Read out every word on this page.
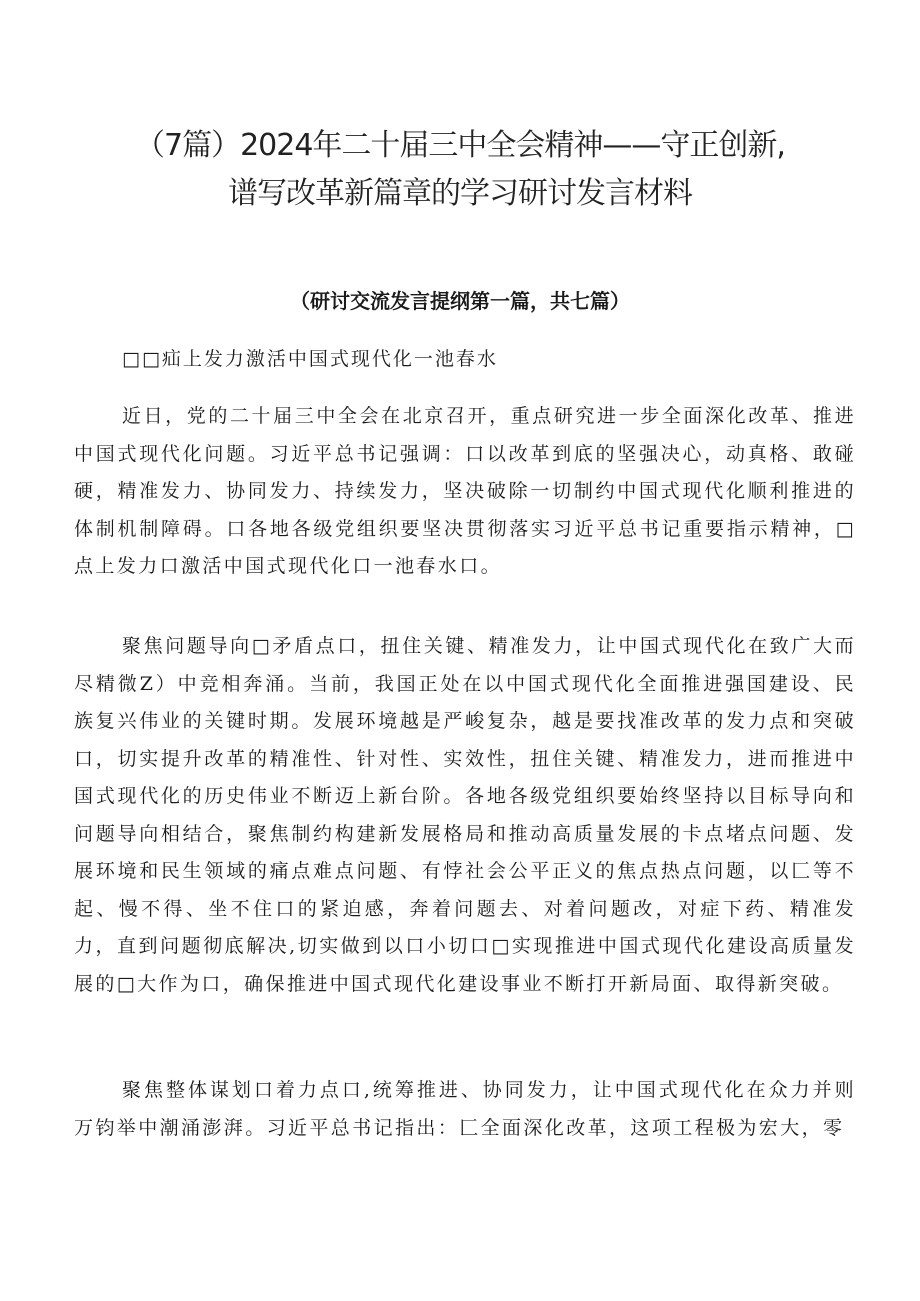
（7篇）2024年二十届三中全会精神——守正创新,
谱写改革新篇章的学习研讨发言材料
（研讨交流发言提纲第一篇，共七篇）
□□疝上发力激活中国式现代化一池春水

近日，党的二十届三中全会在北京召开，重点研究进一步全面深化改革、推进中国式现代化问题。习近平总书记强调：口以改革到底的坚强决心，动真格、敢碰硬，精准发力、协同发力、持续发力，坚决破除一切制约中国式现代化顺利推进的体制机制障碍。口各地各级党组织要坚决贯彻落实习近平总书记重要指示精神，□点上发力口激活中国式现代化口一池春水口。

聚焦问题导向□矛盾点口，扭住关键、精准发力，让中国式现代化在致广大而尽精微Z）中竞相奔涌。当前，我国正处在以中国式现代化全面推进强国建设、民族复兴伟业的关键时期。发展环境越是严峻复杂，越是要找准改革的发力点和突破口，切实提升改革的精准性、针对性、实效性，扭住关键、精准发力，进而推进中国式现代化的历史伟业不断迈上新台阶。各地各级党组织要始终坚持以目标导向和问题导向相结合，聚焦制约构建新发展格局和推动高质量发展的卡点堵点问题、发展环境和民生领域的痛点难点问题、有悖社会公平正义的焦点热点问题，以匚等不起、慢不得、坐不住口的紧迫感，奔着问题去、对着问题改，对症下药、精准发力，直到问题彻底解决,切实做到以口小切口□实现推进中国式现代化建设高质量发展的□大作为口，确保推进中国式现代化建设事业不断打开新局面、取得新突破。

聚焦整体谋划口着力点口,统筹推进、协同发力，让中国式现代化在众力并则万钧举中潮涌澎湃。习近平总书记指出：匚全面深化改革，这项工程极为宏大，零
